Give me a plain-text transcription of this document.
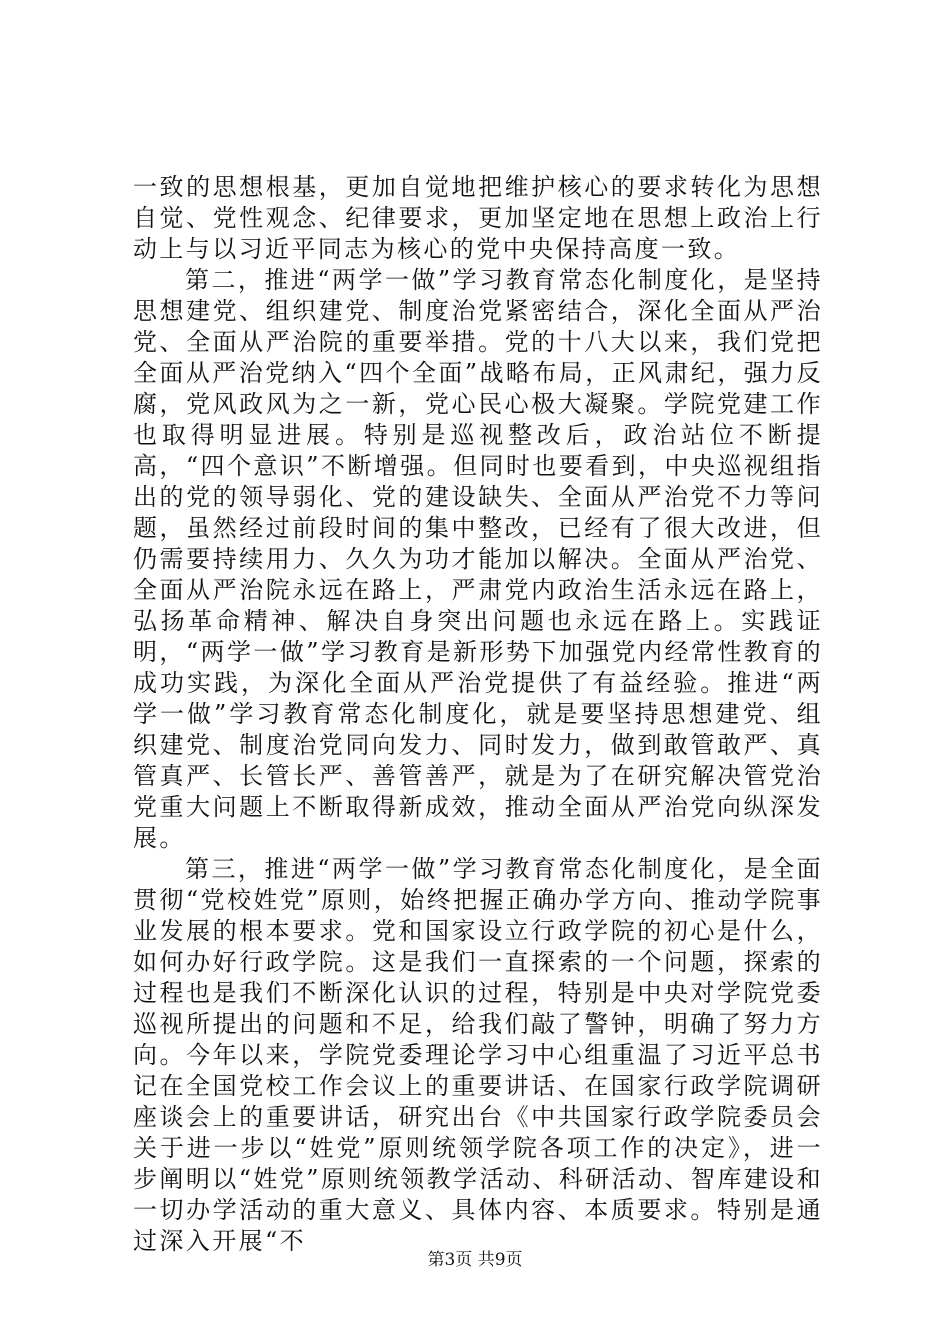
一致的思想根基，更加自觉地把维护核心的要求转化为思想自觉、党性观念、纪律要求，更加坚定地在思想上政治上行动上与以习近平同志为核心的党中央保持高度一致。

第二，推进“两学一做”学习教育常态化制度化，是坚持思想建党、组织建党、制度治党紧密结合，深化全面从严治党、全面从严治院的重要举措。党的十八大以来，我们党把全面从严治党纳入“四个全面”战略布局，正风肃纪，强力反腐，党风政风为之一新，党心民心极大凝聚。学院党建工作也取得明显进展。特别是巡视整改后，政治站位不断提高，“四个意识”不断增强。但同时也要看到，中央巡视组指出的党的领导弱化、党的建设缺失、全面从严治党不力等问题，虽然经过前段时间的集中整改，已经有了很大改进，但仍需要持续用力、久久为功才能加以解决。全面从严治党、全面从严治院永远在路上，严肃党内政治生活永远在路上，弘扬革命精神、解决自身突出问题也永远在路上。实践证明，“两学一做”学习教育是新形势下加强党内经常性教育的成功实践，为深化全面从严治党提供了有益经验。推进“两学一做”学习教育常态化制度化，就是要坚持思想建党、组织建党、制度治党同向发力、同时发力，做到敢管敢严、真管真严、长管长严、善管善严，就是为了在研究解决管党治党重大问题上不断取得新成效，推动全面从严治党向纵深发展。

第三，推进“两学一做”学习教育常态化制度化，是全面贯彻“党校姓党”原则，始终把握正确办学方向、推动学院事业发展的根本要求。党和国家设立行政学院的初心是什么，如何办好行政学院。这是我们一直探索的一个问题，探索的过程也是我们不断深化认识的过程，特别是中央对学院党委巡视所提出的问题和不足，给我们敲了警钟，明确了努力方向。今年以来，学院党委理论学习中心组重温了习近平总书记在全国党校工作会议上的重要讲话、在国家行政学院调研座谈会上的重要讲话，研究出台《中共国家行政学院委员会关于进一步以“姓党”原则统领学院各项工作的决定》，进一步阐明以“姓党”原则统领教学活动、科研活动、智库建设和一切办学活动的重大意义、具体内容、本质要求。特别是通过深入开展“不

第3页 共9页
